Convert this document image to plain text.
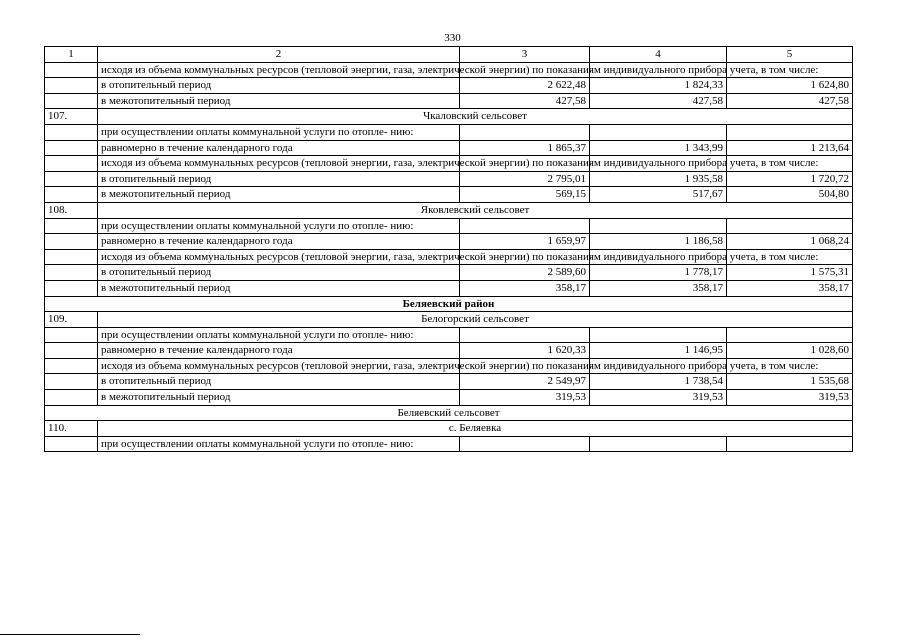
330
1	2	3	4	5
	исходя из объема коммунальных ресурсов (тепловой энергии, газа, электрической энергии) по показаниям индивидуального прибора учета, в том числе:			
	в отопительный период	2 622,48	1 824,33	1 624,80
	в межотопительный период	427,58	427,58	427,58
107.	Чкаловский сельсовет			
	при осуществлении оплаты коммунальной услуги по отопле- нию:			
	равномерно в течение календарного года	1 865,37	1 343,99	1 213,64
	исходя из объема коммунальных ресурсов (тепловой энергии, газа, электрической энергии) по показаниям индивидуального прибора учета, в том числе:			
	в отопительный период	2 795,01	1 935,58	1 720,72
	в межотопительный период	569,15	517,67	504,80
108.	Яковлевский сельсовет			
	при осуществлении оплаты коммунальной услуги по отопле- нию:			
	равномерно в течение календарного года	1 659,97	1 186,58	1 068,24
	исходя из объема коммунальных ресурсов (тепловой энергии, газа, электрической энергии) по показаниям индивидуального прибора учета, в том числе:			
	в отопительный период	2 589,60	1 778,17	1 575,31
	в межотопительный период	358,17	358,17	358,17
Беляевский район				
109.	Белогорский сельсовет			
	при осуществлении оплаты коммунальной услуги по отопле- нию:			
	равномерно в течение календарного года	1 620,33	1 146,95	1 028,60
	исходя из объема коммунальных ресурсов (тепловой энергии, газа, электрической энергии) по показаниям индивидуального прибора учета, в том числе:			
	в отопительный период	2 549,97	1 738,54	1 535,68
	в межотопительный период	319,53	319,53	319,53
Беляевский сельсовет				
110.	с. Беляевка			
	при осуществлении оплаты коммунальной услуги по отопле- нию:			
